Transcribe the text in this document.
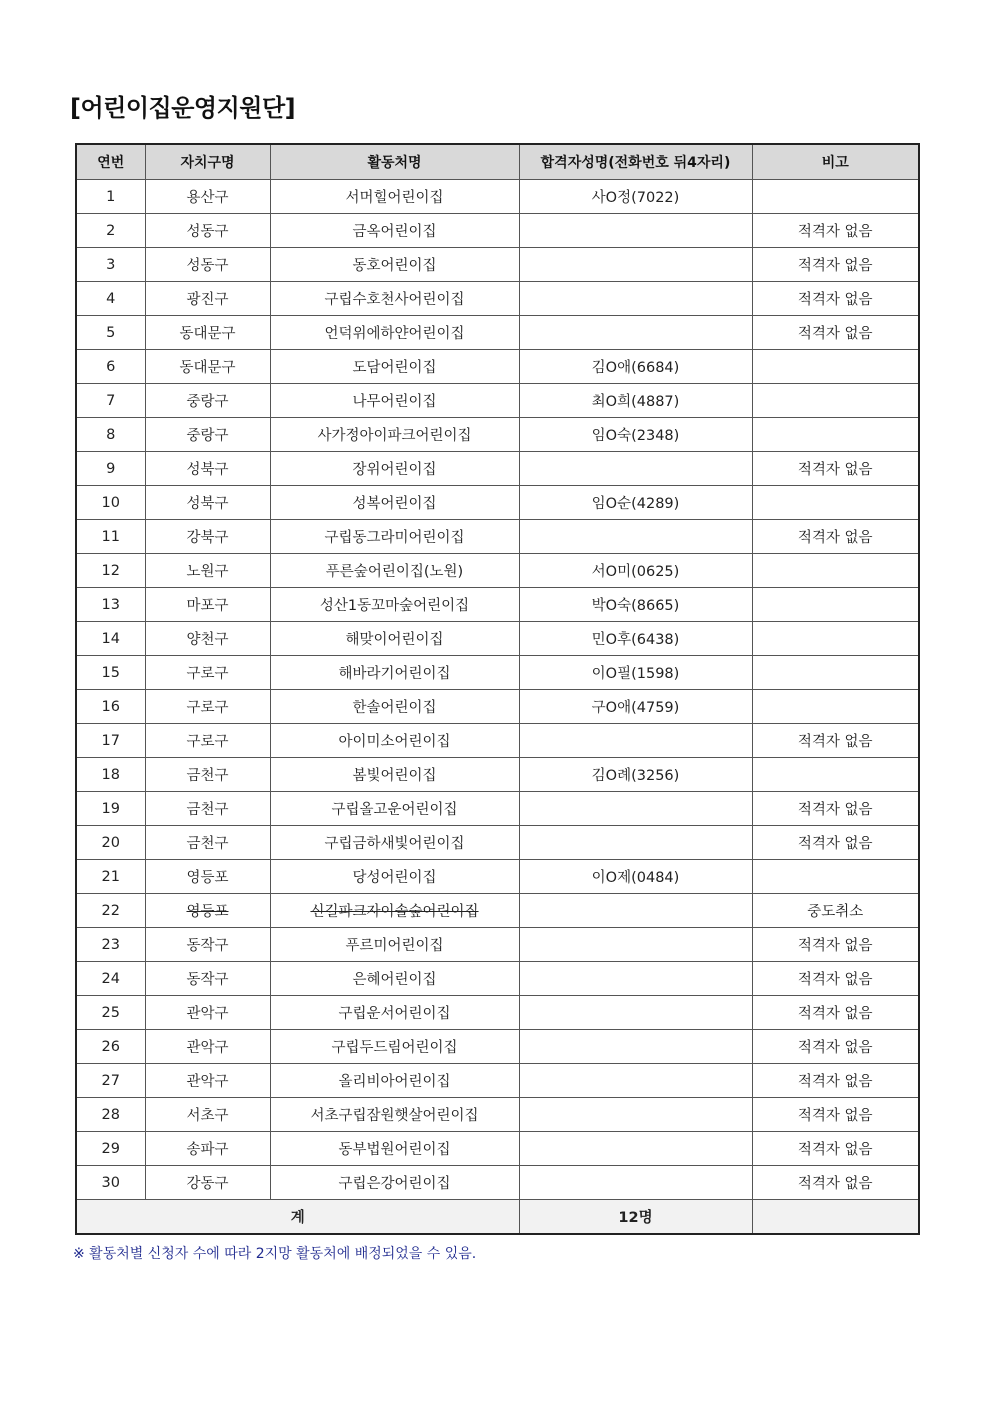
[어린이집운영지원단]
연번	자치구명	활동처명	합격자성명(전화번호 뒤4자리)	비고
1	용산구	서머힐어린이집	사O정(7022)	
2	성동구	금옥어린이집		적격자 없음
3	성동구	동호어린이집		적격자 없음
4	광진구	구립수호천사어린이집		적격자 없음
5	동대문구	언덕위에하얀어린이집		적격자 없음
6	동대문구	도담어린이집	김O애(6684)	
7	중랑구	나무어린이집	최O희(4887)	
8	중랑구	사가정아이파크어린이집	임O숙(2348)	
9	성북구	장위어린이집		적격자 없음
10	성북구	성복어린이집	임O순(4289)	
11	강북구	구립동그라미어린이집		적격자 없음
12	노원구	푸른숲어린이집(노원)	서O미(0625)	
13	마포구	성산1동꼬마숲어린이집	박O숙(8665)	
14	양천구	해맞이어린이집	민O후(6438)	
15	구로구	해바라기어린이집	이O필(1598)	
16	구로구	한솔어린이집	구O애(4759)	
17	구로구	아이미소어린이집		적격자 없음
18	금천구	봄빛어린이집	김O례(3256)	
19	금천구	구립올고운어린이집		적격자 없음
20	금천구	구립금하새빛어린이집		적격자 없음
21	영등포	당성어린이집	이O제(0484)	
22	영등포	신길파크자이솔숲어린이집		중도취소
23	동작구	푸르미어린이집		적격자 없음
24	동작구	은혜어린이집		적격자 없음
25	관악구	구립운서어린이집		적격자 없음
26	관악구	구립두드림어린이집		적격자 없음
27	관악구	올리비아어린이집		적격자 없음
28	서초구	서초구립잠원햇살어린이집		적격자 없음
29	송파구	동부법원어린이집		적격자 없음
30	강동구	구립은강어린이집		적격자 없음
계			12명	
※ 활동처별 신청자 수에 따라 2지망 활동처에 배정되었을 수 있음.
